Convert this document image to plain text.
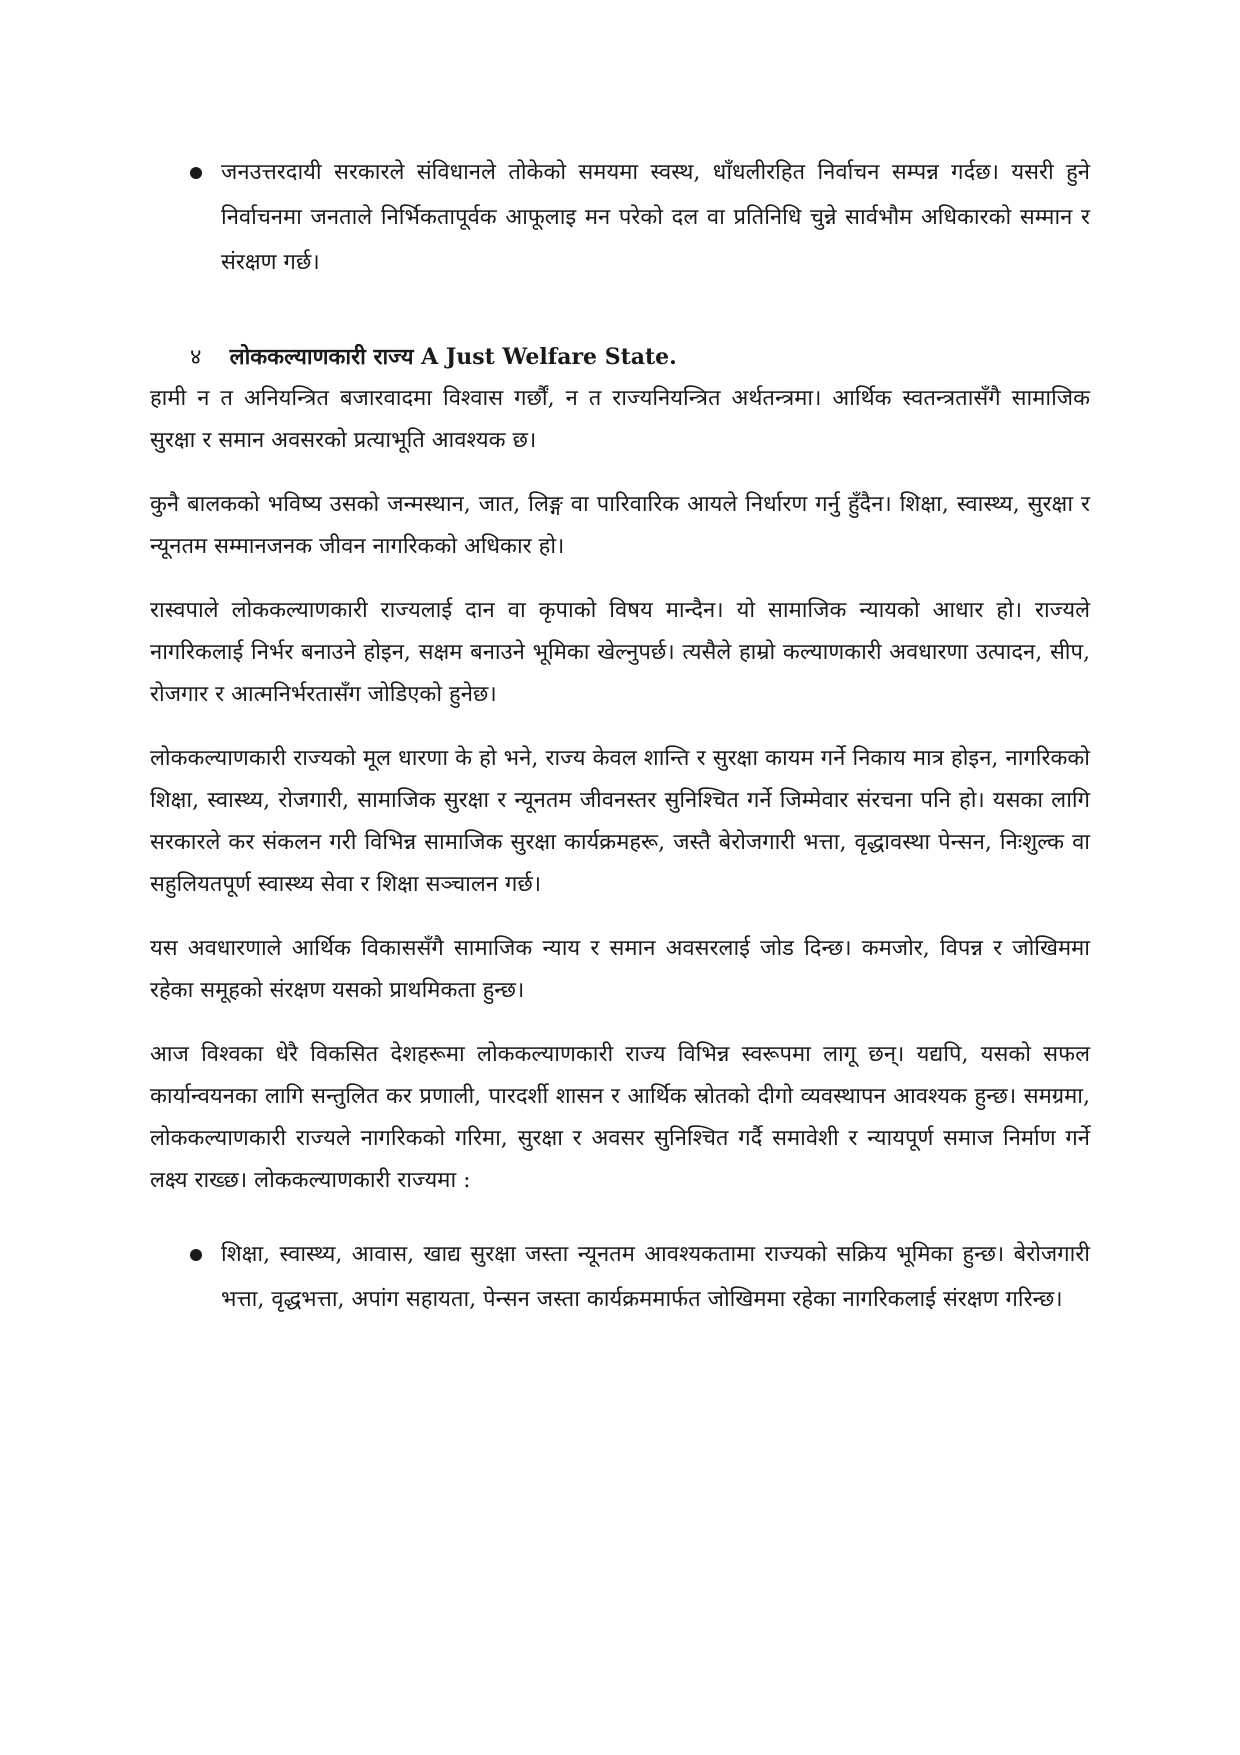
जनउत्तरदायी सरकारले संविधानले तोकेको समयमा स्वस्थ, धाँधलीरहित निर्वाचन सम्पन्न गर्दछ। यसरी हुने निर्वाचनमा जनताले निर्भिकतापूर्वक आफूलाइ मन परेको दल वा प्रतिनिधि चुन्ने सार्वभौम अधिकारको सम्मान र संरक्षण गर्छ।

४ लोककल्याणकारी राज्य A Just Welfare State.

हामी न त अनियन्त्रित बजारवादमा विश्वास गर्छौं, न त राज्यनियन्त्रित अर्थतन्त्रमा। आर्थिक स्वतन्त्रतासँगै सामाजिक सुरक्षा र समान अवसरको प्रत्याभूति आवश्यक छ।

कुनै बालकको भविष्य उसको जन्मस्थान, जात, लिङ्ग वा पारिवारिक आयले निर्धारण गर्नु हुँदैन। शिक्षा, स्वास्थ्य, सुरक्षा र न्यूनतम सम्मानजनक जीवन नागरिकको अधिकार हो।

रास्वपाले लोककल्याणकारी राज्यलाई दान वा कृपाको विषय मान्दैन। यो सामाजिक न्यायको आधार हो। राज्यले नागरिकलाई निर्भर बनाउने होइन, सक्षम बनाउने भूमिका खेल्नुपर्छ। त्यसैले हाम्रो कल्याणकारी अवधारणा उत्पादन, सीप, रोजगार र आत्मनिर्भरतासँग जोडिएको हुनेछ।

लोककल्याणकारी राज्यको मूल धारणा के हो भने, राज्य केवल शान्ति र सुरक्षा कायम गर्ने निकाय मात्र होइन, नागरिकको शिक्षा, स्वास्थ्य, रोजगारी, सामाजिक सुरक्षा र न्यूनतम जीवनस्तर सुनिश्चित गर्ने जिम्मेवार संरचना पनि हो। यसका लागि सरकारले कर संकलन गरी विभिन्न सामाजिक सुरक्षा कार्यक्रमहरू, जस्तै बेरोजगारी भत्ता, वृद्धावस्था पेन्सन, निःशुल्क वा सहुलियतपूर्ण स्वास्थ्य सेवा र शिक्षा सञ्चालन गर्छ।

यस अवधारणाले आर्थिक विकाससँगै सामाजिक न्याय र समान अवसरलाई जोड दिन्छ। कमजोर, विपन्न र जोखिममा रहेका समूहको संरक्षण यसको प्राथमिकता हुन्छ।

आज विश्वका धेरै विकसित देशहरूमा लोककल्याणकारी राज्य विभिन्न स्वरूपमा लागू छन्। यद्यपि, यसको सफल कार्यान्वयनका लागि सन्तुलित कर प्रणाली, पारदर्शी शासन र आर्थिक स्रोतको दीगो व्यवस्थापन आवश्यक हुन्छ। समग्रमा, लोककल्याणकारी राज्यले नागरिकको गरिमा, सुरक्षा र अवसर सुनिश्चित गर्दै समावेशी र न्यायपूर्ण समाज निर्माण गर्ने लक्ष्य राख्छ। लोककल्याणकारी राज्यमा :

शिक्षा, स्वास्थ्य, आवास, खाद्य सुरक्षा जस्ता न्यूनतम आवश्यकतामा राज्यको सक्रिय भूमिका हुन्छ। बेरोजगारी भत्ता, वृद्धभत्ता, अपांग सहायता, पेन्सन जस्ता कार्यक्रममार्फत जोखिममा रहेका नागरिकलाई संरक्षण गरिन्छ।
